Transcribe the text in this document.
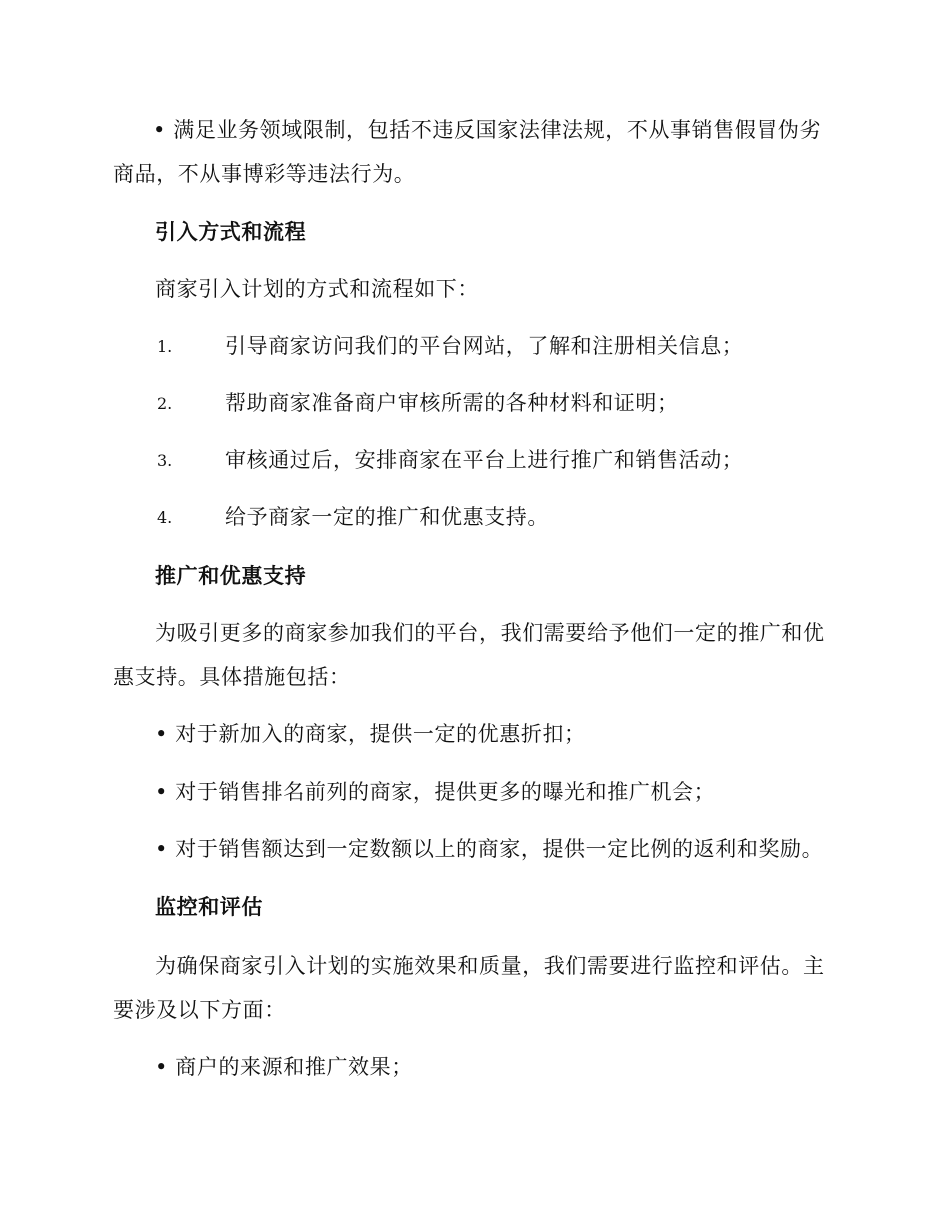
• 满足业务领域限制，包括不违反国家法律法规，不从事销售假冒伪劣
商品，不从事博彩等违法行为。
引入方式和流程
商家引入计划的方式和流程如下：
1.	引导商家访问我们的平台网站，了解和注册相关信息；
2.	帮助商家准备商户审核所需的各种材料和证明；
3.	审核通过后，安排商家在平台上进行推广和销售活动；
4.	给予商家一定的推广和优惠支持。
推广和优惠支持
为吸引更多的商家参加我们的平台，我们需要给予他们一定的推广和优
惠支持。具体措施包括：
• 对于新加入的商家，提供一定的优惠折扣；
• 对于销售排名前列的商家，提供更多的曝光和推广机会；
• 对于销售额达到一定数额以上的商家，提供一定比例的返利和奖励。
监控和评估
为确保商家引入计划的实施效果和质量，我们需要进行监控和评估。主
要涉及以下方面：
• 商户的来源和推广效果；
